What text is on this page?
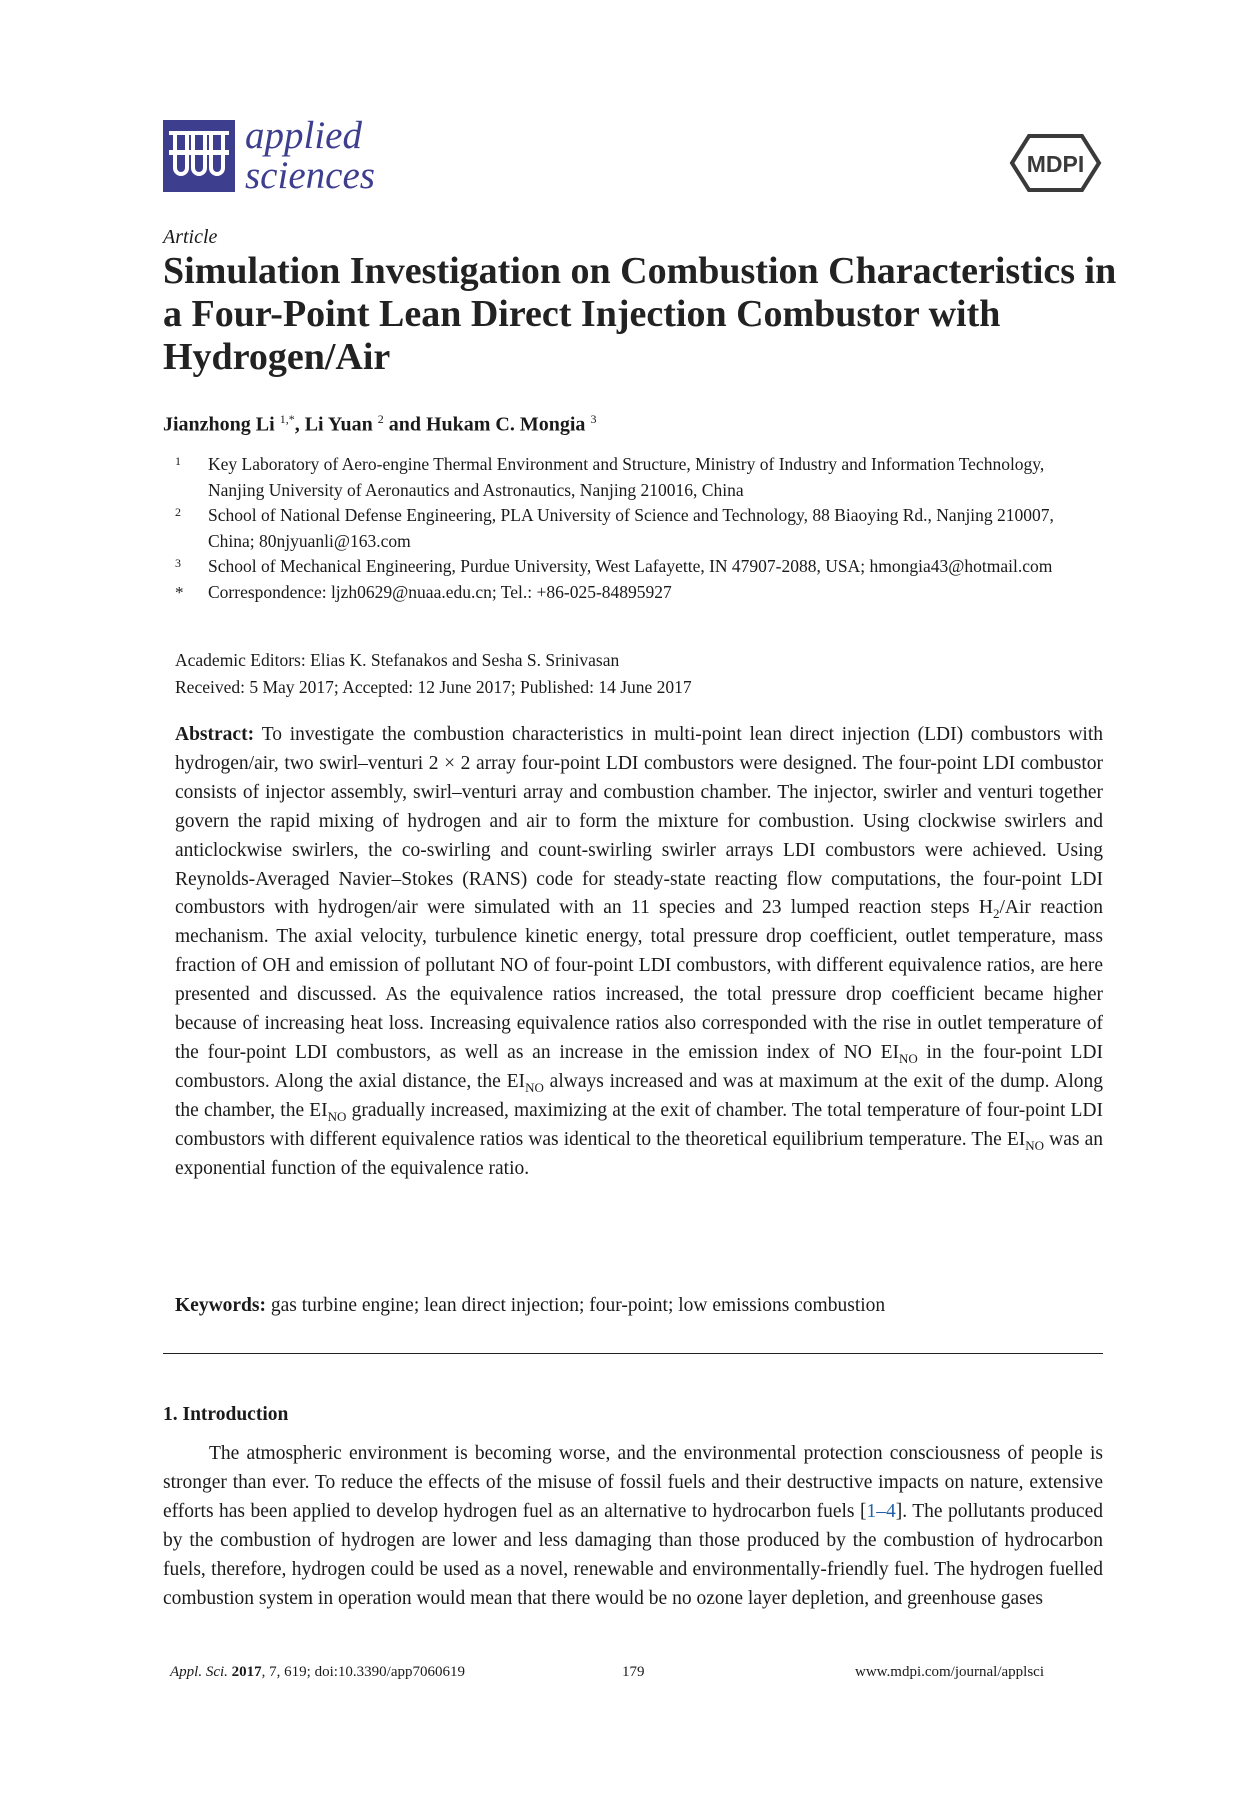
applied
sciences	MDPI
Article
Simulation Investigation on Combustion Characteristics in a Four-Point Lean Direct Injection Combustor with Hydrogen/Air
Jianzhong Li $^{1,*}$, Li Yuan $^2$ and Hukam C. Mongia $^3$
1 Key Laboratory of Aero-engine Thermal Environment and Structure, Ministry of Industry and Information Technology, Nanjing University of Aeronautics and Astronautics, Nanjing 210016, China
2 School of National Defense Engineering, PLA University of Science and Technology, 88 Biaoying Rd., Nanjing 210007, China; 80njyuanli@163.com
3 School of Mechanical Engineering, Purdue University, West Lafayette, IN 47907-2088, USA; hmongia43@hotmail.com
* Correspondence: ljzh0629@nuaa.edu.cn; Tel.: +86-025-84895927
Academic Editors: Elias K. Stefanakos and Sesha S. Srinivasan
Received: 5 May 2017; Accepted: 12 June 2017; Published: 14 June 2017
Abstract: To investigate the combustion characteristics in multi-point lean direct injection (LDI) combustors with hydrogen/air, two swirl–venturi 2 × 2 array four-point LDI combustors were designed. The four-point LDI combustor consists of injector assembly, swirl–venturi array and combustion chamber. The injector, swirler and venturi together govern the rapid mixing of hydrogen and air to form the mixture for combustion. Using clockwise swirlers and anticlockwise swirlers, the co-swirling and count-swirling swirler arrays LDI combustors were achieved. Using Reynolds-Averaged Navier–Stokes (RANS) code for steady-state reacting flow computations, the four-point LDI combustors with hydrogen/air were simulated with an 11 species and 23 lumped reaction steps $H_2$/Air reaction mechanism. The axial velocity, turbulence kinetic energy, total pressure drop coefficient, outlet temperature, mass fraction of OH and emission of pollutant NO of four-point LDI combustors, with different equivalence ratios, are here presented and discussed. As the equivalence ratios increased, the total pressure drop coefficient became higher because of increasing heat loss. Increasing equivalence ratios also corresponded with the rise in outlet temperature of the four-point LDI combustors, as well as an increase in the emission index of NO $EI_{NO}$ in the four-point LDI combustors. Along the axial distance, the $EI_{NO}$ always increased and was at maximum at the exit of the dump. Along the chamber, the $EI_{NO}$ gradually increased, maximizing at the exit of chamber. The total temperature of four-point LDI combustors with different equivalence ratios was identical to the theoretical equilibrium temperature. The $EI_{NO}$ was an exponential function of the equivalence ratio.
Keywords: gas turbine engine; lean direct injection; four-point; low emissions combustion
1. Introduction

The atmospheric environment is becoming worse, and the environmental protection consciousness of people is stronger than ever. To reduce the effects of the misuse of fossil fuels and their destructive impacts on nature, extensive efforts has been applied to develop hydrogen fuel as an alternative to hydrocarbon fuels [1–4]. The pollutants produced by the combustion of hydrogen are lower and less damaging than those produced by the combustion of hydrocarbon fuels, therefore, hydrogen could be used as a novel, renewable and environmentally-friendly fuel. The hydrogen fuelled combustion system in operation would mean that there would be no ozone layer depletion, and greenhouse gases

Appl. Sci. 2017, 7, 619; doi:10.3390/app7060619	179	www.mdpi.com/journal/applsci
